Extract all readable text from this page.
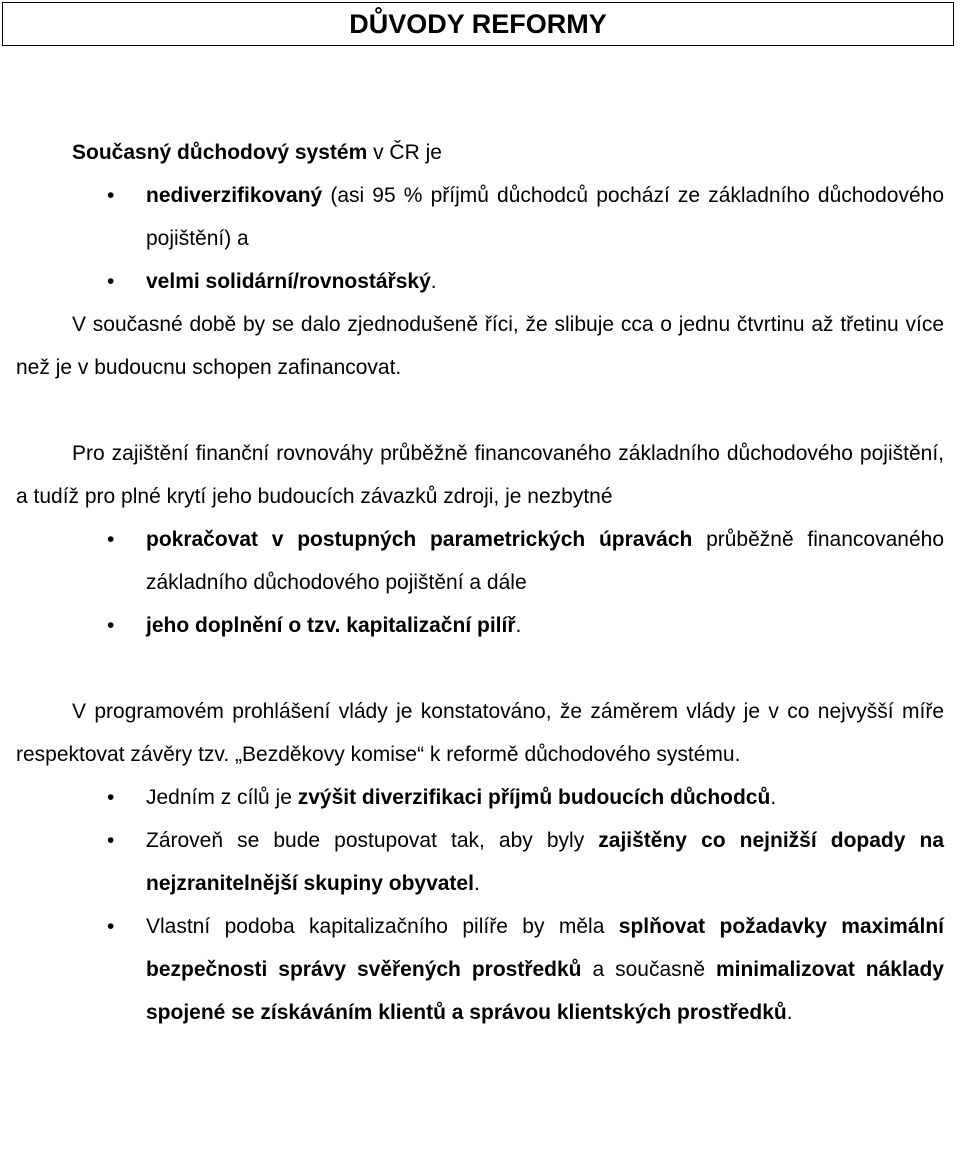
DŮVODY REFORMY

Současný důchodový systém v ČR je

• nediverzifikovaný (asi 95 % příjmů důchodců pochází ze základního důchodového pojištění) a
• velmi solidární/rovnostářský.

V současné době by se dalo zjednodušeně říci, že slibuje cca o jednu čtvrtinu až třetinu více než je v budoucnu schopen zafinancovat.

Pro zajištění finanční rovnováhy průběžně financovaného základního důchodového pojištění, a tudíž pro plné krytí jeho budoucích závazků zdroji, je nezbytné

• pokračovat v postupných parametrických úpravách průběžně financovaného základního důchodového pojištění a dále
• jeho doplnění o tzv. kapitalizační pilíř.

V programovém prohlášení vlády je konstatováno, že záměrem vlády je v co nejvyšší míře respektovat závěry tzv. „Bezděkovy komise“ k reformě důchodového systému.

• Jedním z cílů je zvýšit diverzifikaci příjmů budoucích důchodců.
• Zároveň se bude postupovat tak, aby byly zajištěny co nejnižší dopady na nejzranitelnější skupiny obyvatel.
• Vlastní podoba kapitalizačního pilíře by měla splňovat požadavky maximální bezpečnosti správy svěřených prostředků a současně minimalizovat náklady spojené se získáváním klientů a správou klientských prostředků.
